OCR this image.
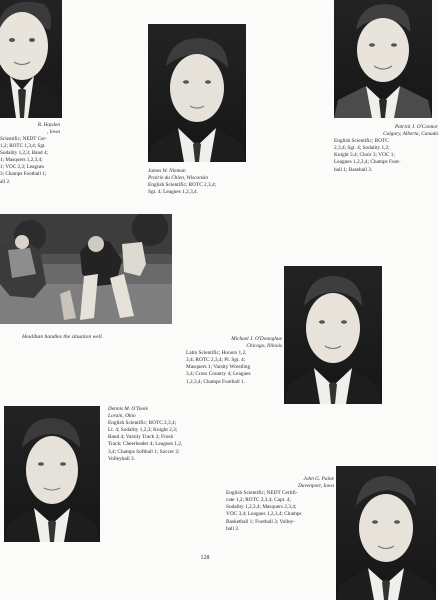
R. Haydon
, Iowa
Scientific; NEDT Cer-
1,2; ROTC 1,3,4; Sgt.
Sodality 1,2,3; Band 4;
1; Masquers 1,2,3,4;
1; VOC 2,3; Leagues
3; Champs Football 1;
all 2.
James W. Nieman
Prairie du Chien, Wisconsin
English Scientific; ROTC 2,3,4;
Sgt. 4; Leagues 1,2,3,4.
Patrick J. O'Connor
Calgary, Alberta, Canada
English Scientific; ROTC
2,3,4; Sgt. 4; Sodality 1,2;
Knight 3,4; Choir 3; VOC 1;
Leagues 1,2,3,4; Champs Foot-
ball 1; Baseball 3.
Houlihan handles the situation well.	Michael J. O'Donoghue
Chicago, Illinois
Latin Scientific; Honors 1,2,
3,4; ROTC 2,3,4; Pl. Sgt. 4;
Masquers 1; Varsity Wrestling
3,4; Cross Country 4; Leagues
1,2,3,4; Champs Football 1.
Dennis M. O'Toole
Lorain, Ohio
English Scientific; ROTC 2,3,4;
Lt. 4; Sodality 1,2,3; Knight 2,3;
Band 4; Varsity Track 3; Frosh
Track; Cheerleader 4; Leagues 1,2,
3,4; Champs Softball 1; Soccer 2;
Volleyball 3.
John G. Paine
Davenport, Iowa
English Scientific; NEDT Certifi-
cate 1,2; ROTC 2,3,4; Capt. 4;
Sodality 1,2,3,4; Masquers 2,3,4;
VOC 3,4; Leagues 1,2,3,4; Champs
Basketball 1; Football 3; Volley-
ball 3.
128
